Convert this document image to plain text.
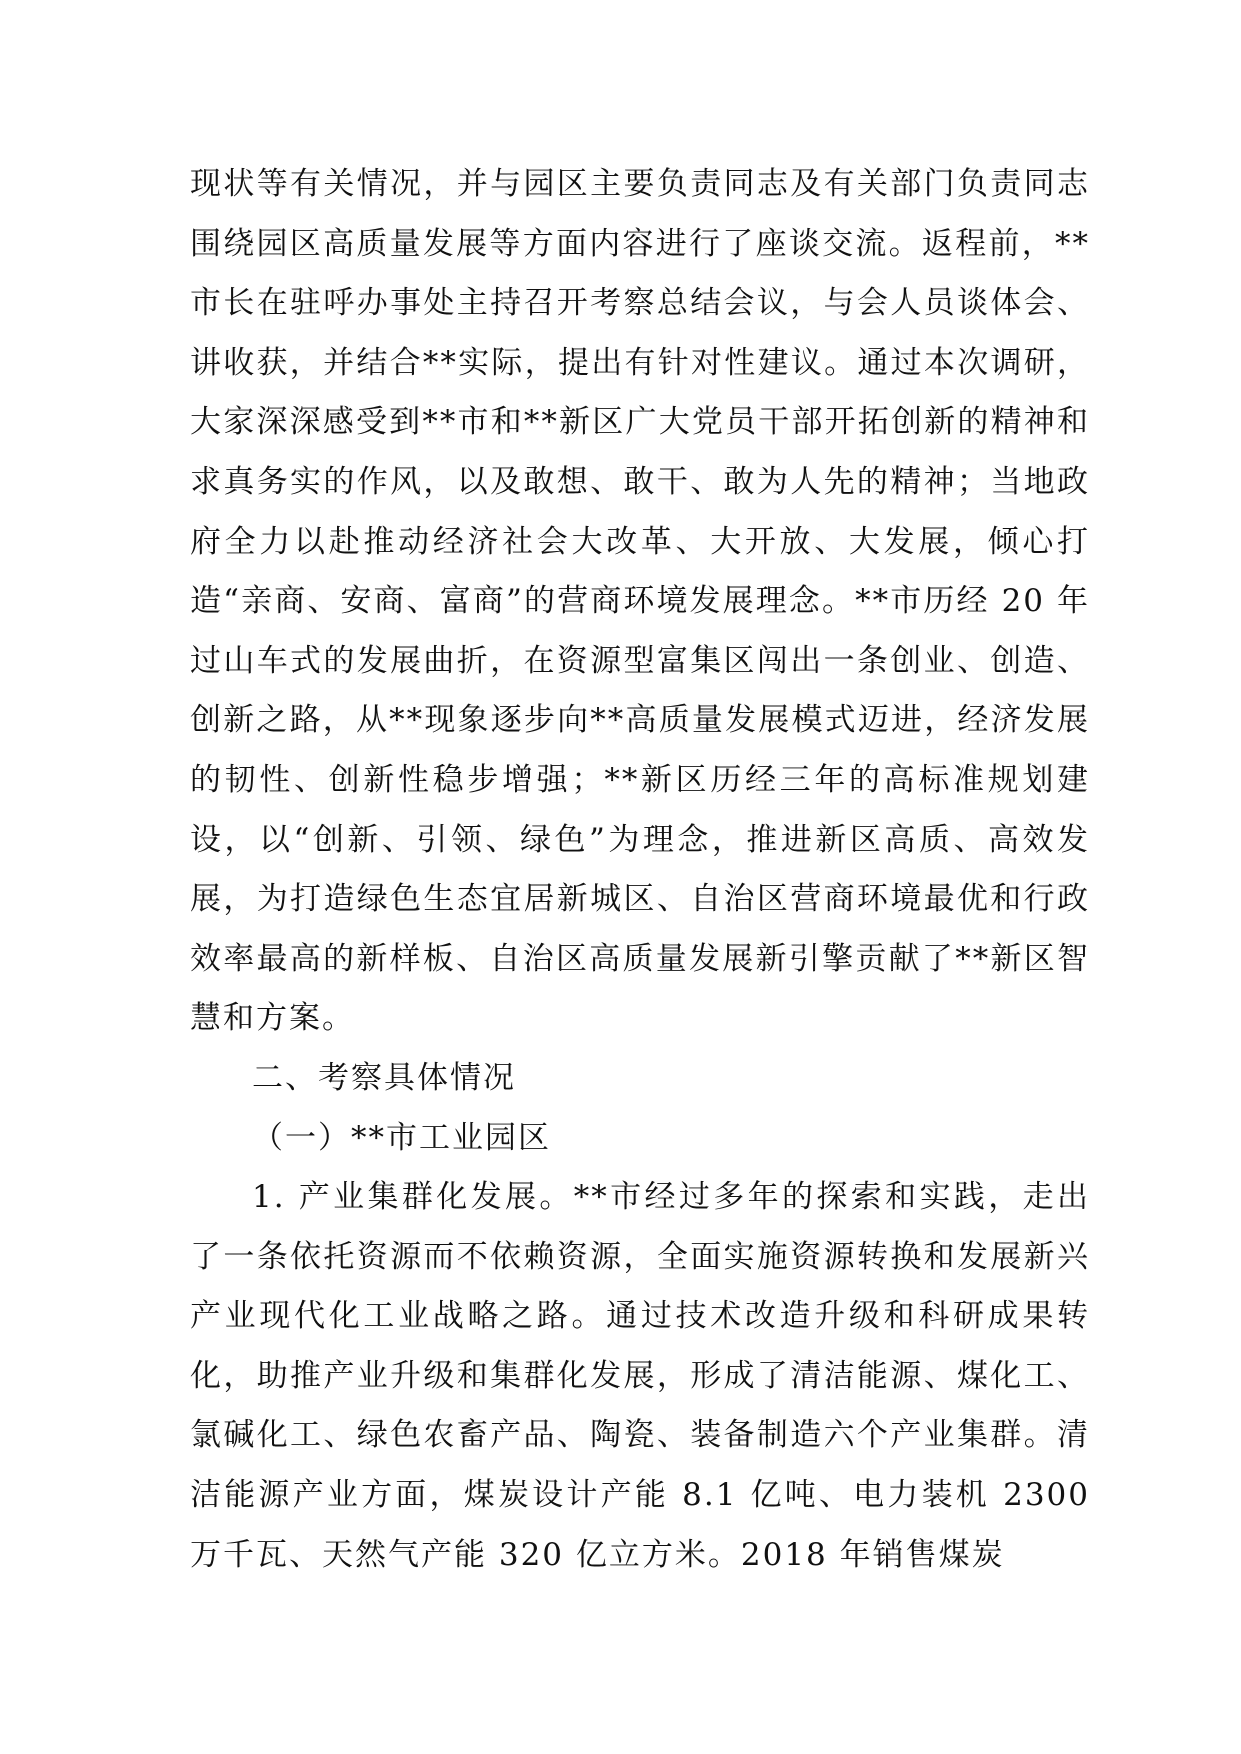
现状等有关情况，并与园区主要负责同志及有关部门负责同志围绕园区高质量发展等方面内容进行了座谈交流。返程前，**市长在驻呼办事处主持召开考察总结会议，与会人员谈体会、讲收获，并结合**实际，提出有针对性建议。通过本次调研，大家深深感受到**市和**新区广大党员干部开拓创新的精神和求真务实的作风，以及敢想、敢干、敢为人先的精神；当地政府全力以赴推动经济社会大改革、大开放、大发展，倾心打造“亲商、安商、富商”的营商环境发展理念。**市历经 20 年过山车式的发展曲折，在资源型富集区闯出一条创业、创造、创新之路，从**现象逐步向**高质量发展模式迈进，经济发展的韧性、创新性稳步增强；**新区历经三年的高标准规划建设，以“创新、引领、绿色”为理念，推进新区高质、高效发展，为打造绿色生态宜居新城区、自治区营商环境最优和行政效率最高的新样板、自治区高质量发展新引擎贡献了**新区智慧和方案。

二、考察具体情况

（一）**市工业园区

1. 产业集群化发展。**市经过多年的探索和实践，走出了一条依托资源而不依赖资源，全面实施资源转换和发展新兴产业现代化工业战略之路。通过技术改造升级和科研成果转化，助推产业升级和集群化发展，形成了清洁能源、煤化工、氯碱化工、绿色农畜产品、陶瓷、装备制造六个产业集群。清洁能源产业方面，煤炭设计产能 8.1 亿吨、电力装机 2300 万千瓦、天然气产能 320 亿立方米。2018 年销售煤炭
